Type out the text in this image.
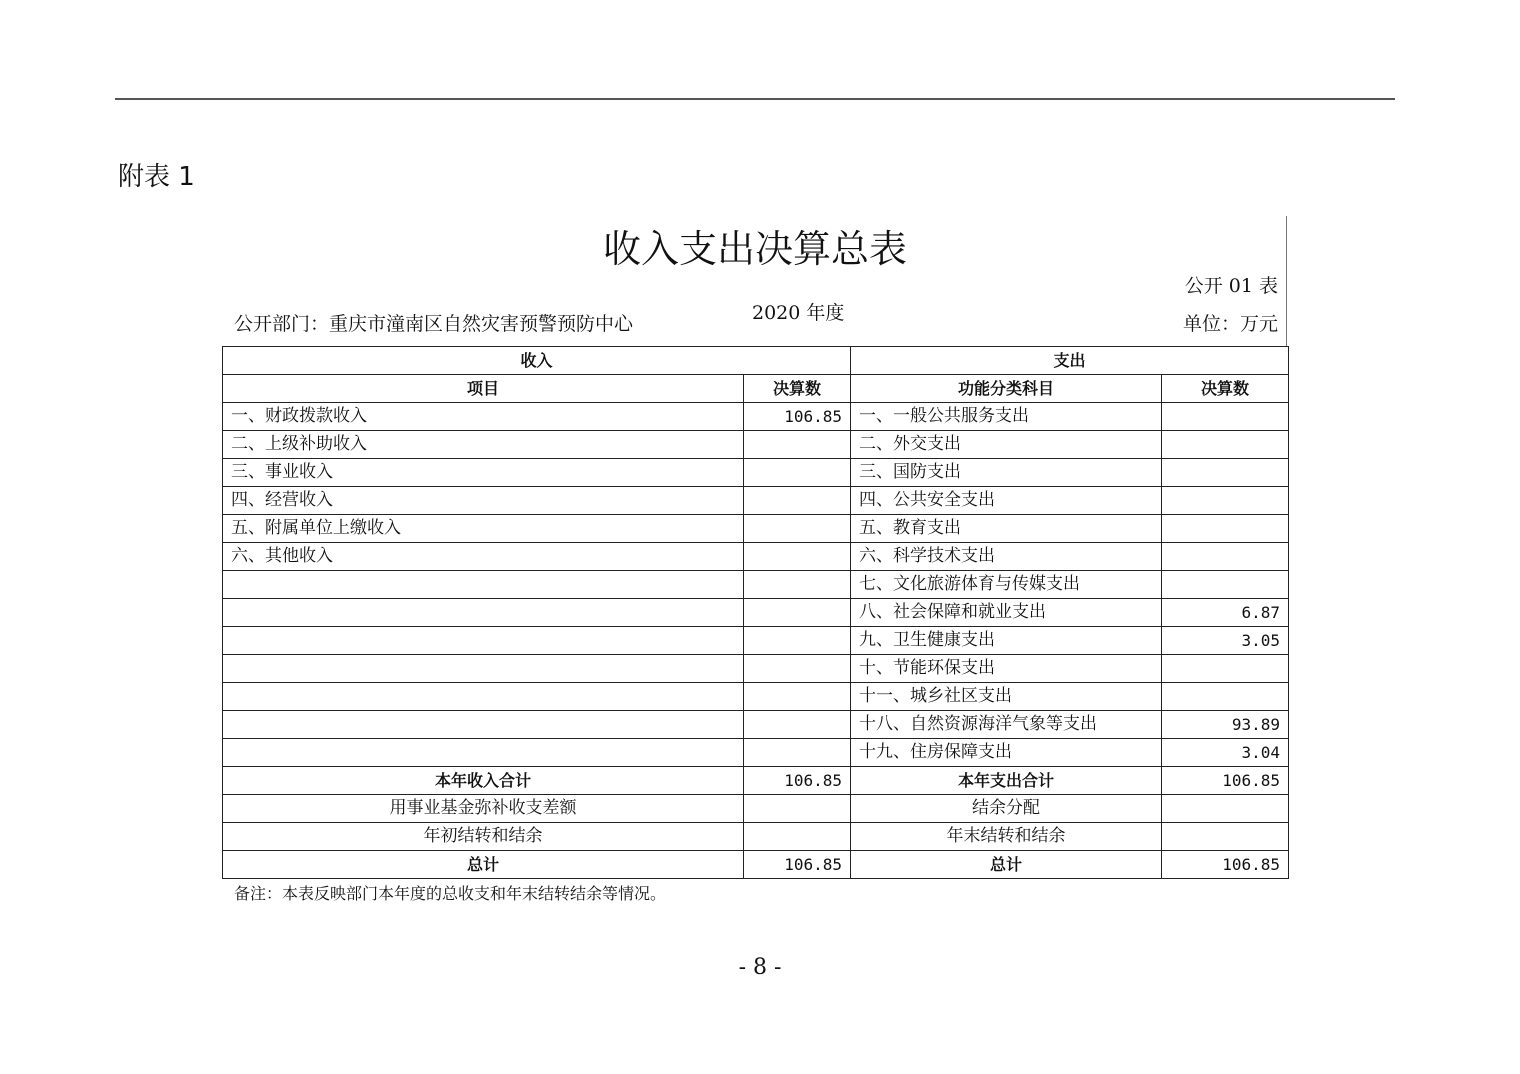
附表 1
收入支出决算总表
公开 01 表
公开部门：重庆市潼南区自然灾害预警预防中心	2020 年度	单位：万元
收入		支出	
项目	决算数	功能分类科目	决算数
一、财政拨款收入	106.85	一、一般公共服务支出	
二、上级补助收入		二、外交支出	
三、事业收入		三、国防支出	
四、经营收入		四、公共安全支出	
五、附属单位上缴收入		五、教育支出	
六、其他收入		六、科学技术支出	
		七、文化旅游体育与传媒支出	
		八、社会保障和就业支出	6.87
		九、卫生健康支出	3.05
		十、节能环保支出	
		十一、城乡社区支出	
		十八、自然资源海洋气象等支出	93.89
		十九、住房保障支出	3.04
本年收入合计	106.85	本年支出合计	106.85
用事业基金弥补收支差额		结余分配	
年初结转和结余		年末结转和结余	
总计	106.85	总计	106.85
备注：本表反映部门本年度的总收支和年末结转结余等情况。
- 8 -
